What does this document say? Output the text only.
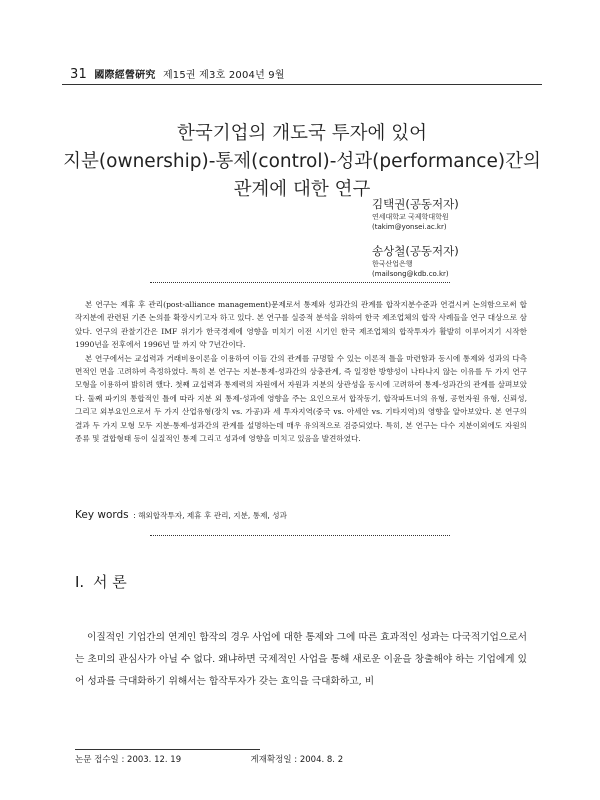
31 國際經營硏究 제15권 제3호 2004년 9월
한국기업의 개도국 투자에 있어
지분(ownership)-통제(control)-성과(performance)간의
관계에 대한 연구
김택권(공동저자)
연세대학교 국제학대학원
(takim@yonsei.ac.kr)
송상철(공동저자)
한국산업은행
(mailsong@kdb.co.kr)

본 연구는 제휴 후 관리(post-alliance management)문제로서 통제와 성과간의 관계를 합작지분수준과 연결시켜 논의함으로써 합작지분에 관련된 기존 논의를 확장시키고자 하고 있다. 본 연구를 실증적 분석을 위하여 한국 제조업체의 합작 사례들을 연구 대상으로 삼았다. 연구의 관찰기간은 IMF 위기가 한국경제에 영향을 미치기 이전 시기인 한국 제조업체의 합작투자가 활발히 이루어지기 시작한 1990년을 전후에서 1996년 말 까지 약 7년간이다.

본 연구에서는 교섭력과 거래비용이론을 이용하여 이들 간의 관계를 규명할 수 있는 이론적 틀을 마련함과 동시에 통제와 성과의 다측면적인 면을 고려하여 측정하였다. 특히 본 연구는 지분-통제-성과간의 상충관계, 즉 일정한 방향성이 나타나지 않는 이유를 두 가지 연구모형을 이용하여 밝히려 했다. 첫째 교섭력과 통제력의 자원에서 자원과 지분의 상관성을 동시에 고려하여 통제-성과간의 관계를 살펴보았다. 둘째 파키의 통합적인 틀에 따라 지분 외 통제-성과에 영향을 주는 요인으로서 합작동기, 합작파트너의 유형, 공헌자원 유형, 신뢰성, 그리고 외부요인으로서 두 가지 산업유형(장치 vs. 가공)과 세 투자지역(중국 vs. 아세안 vs. 기타지역)의 영향을 알아보았다. 본 연구의 결과 두 가지 모형 모두 지분-통제-성과간의 관계를 설명하는데 매우 유의적으로 검증되었다. 특히, 본 연구는 다수 지분이외에도 자원의 종류 및 결합형태 등이 실질적인 통제 그리고 성과에 영향을 미치고 있음을 발견하였다.

Key words : 해외합작투자, 제휴 후 관리, 지분, 통제, 성과
Ⅰ. 서 론

이질적인 기업간의 연계인 합작의 경우 사업에 대한 통제와 그에 따른 효과적인 성과는 다국적기업으로서는 초미의 관심사가 아닐 수 없다. 왜냐하면 국제적인 사업을 통해 새로운 이윤을 창출해야 하는 기업에게 있어 성과를 극대화하기 위해서는 합작투자가 갖는 효익을 극대화하고, 비

논문 접수일 : 2003. 12. 19	게재확정일 : 2004. 8. 2
